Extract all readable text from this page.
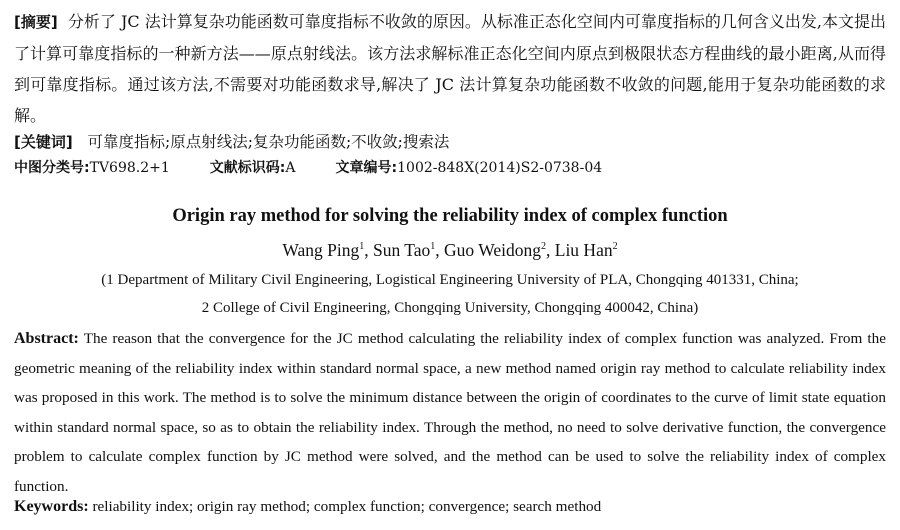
[摘要] 分析了 JC 法计算复杂功能函数可靠度指标不收敛的原因。从标准正态化空间内可靠度指标的几何含义出发,本文提出了计算可靠度指标的一种新方法——原点射线法。该方法求解标准正态化空间内原点到极限状态方程曲线的最小距离,从而得到可靠度指标。通过该方法,不需要对功能函数求导,解决了 JC 法计算复杂功能函数不收敛的问题,能用于复杂功能函数的求解。
[关键词] 可靠度指标;原点射线法;复杂功能函数;不收敛;搜索法
中图分类号:TV698.2+1	文献标识码:A	文章编号:1002-848X(2014)S2-0738-04
Origin ray method for solving the reliability index of complex function
Wang Ping$^1$, Sun Tao$^1$, Guo Weidong$^2$, Liu Han$^2$
(1 Department of Military Civil Engineering, Logistical Engineering University of PLA, Chongqing 401331, China;
2 College of Civil Engineering, Chongqing University, Chongqing 400042, China)
Abstract: The reason that the convergence for the JC method calculating the reliability index of complex function was analyzed. From the geometric meaning of the reliability index within standard normal space, a new method named origin ray method to calculate reliability index was proposed in this work. The method is to solve the minimum distance between the origin of coordinates to the curve of limit state equation within standard normal space, so as to obtain the reliability index. Through the method, no need to solve derivative function, the convergence problem to calculate complex function by JC method were solved, and the method can be used to solve the reliability index of complex function.
Keywords: reliability index; origin ray method; complex function; convergence; search method
